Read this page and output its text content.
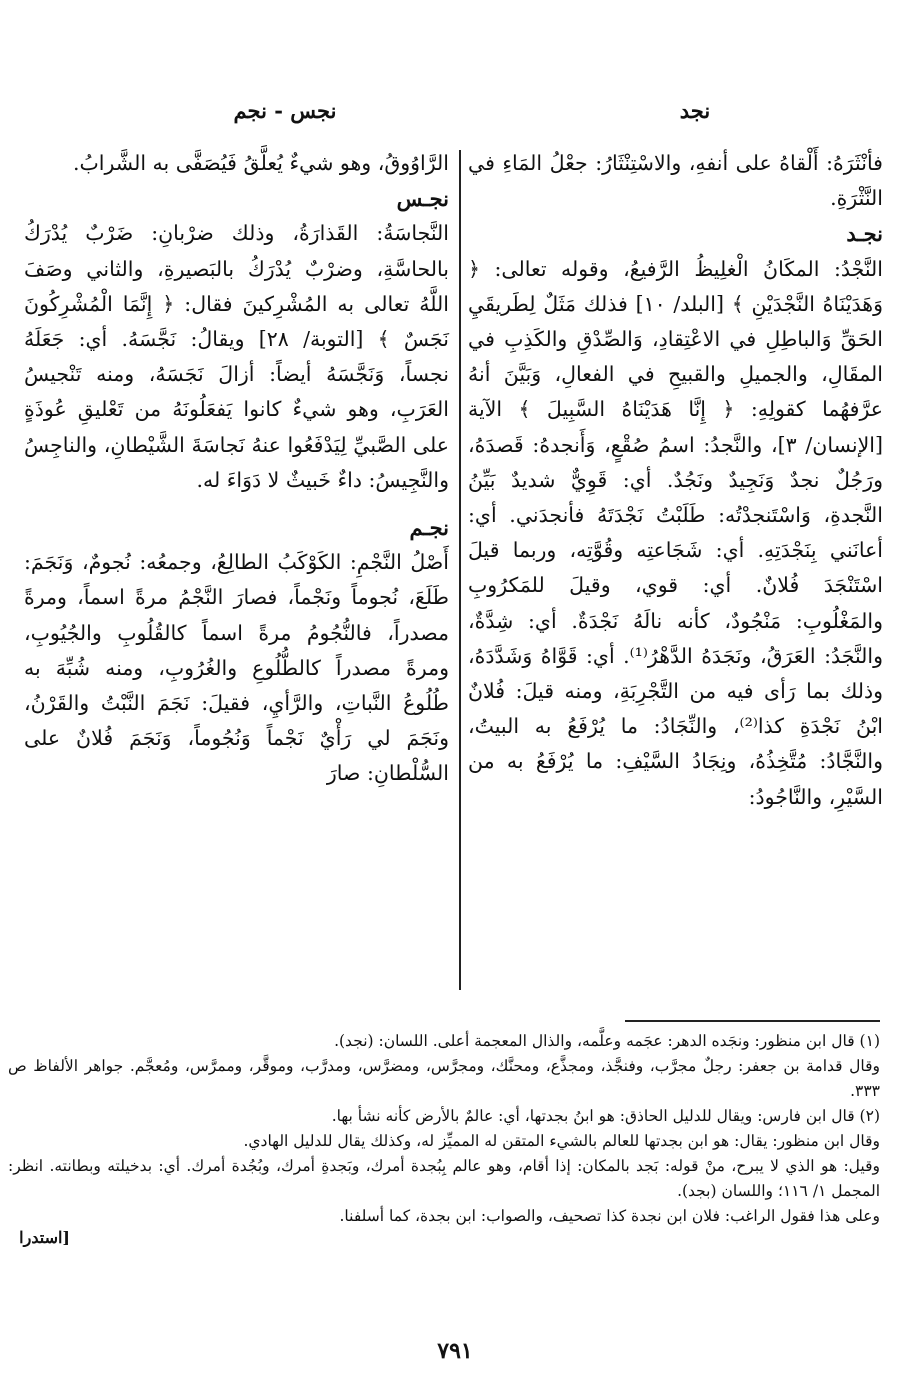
نجد
نجس - نجم

فأنْثَرَهُ: أَلْقاهُ على أنفهِ، والاسْتِنْثَارُ: جعْلُ المَاءِ في النَّثْرَةِ.

نجـد

النَّجْدُ: المكَانُ الْغلِيظُ الرَّفيعُ، وقوله تعالى: ﴿ وَهَدَيْنَاهُ النَّجْدَيْنِ ﴾ [البلد/ ١٠] فذلك مَثَلٌ لِطَريقَيِ الحَقِّ وَالباطِلِ في الاعْتِقادِ، وَالصِّدْقِ والكَذِبِ في المقَالِ، والجميلِ والقبيحِ في الفعالِ، وَبَيَّنَ أنهُ عرَّفهُما كقولِهِ: ﴿ إِنَّا هَدَيْنَاهُ السَّبِيلَ ﴾ الآية [الإنسان/ ٣]، والنَّجدُ: اسمُ صُقْعٍ، وَأَنجدهُ: قَصدَهُ، ورَجُلٌ نجدٌ وَنَجِيدٌ ونَجُدٌ. أي: قَوِيٌّ شديدٌ بَيِّنُ النَّجدةِ، وَاسْتَنجدْتُه: طَلَبْتُ نَجْدَتَهُ فأنجدَني. أي: أعانَني بِنَجْدَتِهِ. أي: شَجَاعتِه وقُوَّتِه، وربما قيلَ اسْتَنْجَدَ فُلانٌ. أي: قوي، وقيلَ للمَكرُوبِ والمَغْلُوبِ: مَنْجُودٌ، كأنه نالَهُ نَجْدَةٌ. أي: شِدَّةٌ، والنَّجَدُ: العَرَقُ، ونَجَدَهُ الدَّهْرُ⁽¹⁾. أي: قَوَّاهُ وَشَدَّدَهُ، وذلك بما رَأى فيه من التَّجْرِبَةِ، ومنه قيلَ: فُلانٌ ابْنُ نَجْدَةِ كذا⁽²⁾، والنِّجَادُ: ما يُرْفَعُ به البيتُ، والنَّجَّادُ: مُتَّخِذُهُ، ونِجَادُ السَّيْفِ: ما يُرْفَعُ به من السَّيْرِ، والنَّاجُودُ:

الرَّاوُوقُ، وهو شيءٌ يُعلَّقُ فَيُصَفَّى به الشَّرابُ.

نجـس

النَّجاسَةُ: القَذارَةُ، وذلك ضرْبانِ: ضَرْبٌ يُدْرَكُ بالحاسَّةِ، وضرْبٌ يُدْرَكُ بالبَصيرةِ، والثاني وصَفَ اللَّهُ تعالى به المُشْرِكينَ فقال: ﴿ إِنَّمَا الْمُشْرِكُونَ نَجَسٌ ﴾ [التوبة/ ٢٨] ويقالُ: نَجَّسَهُ. أي: جَعَلَهُ نجساً، وَنَجَّسَهُ أيضاً: أزالَ نَجَسَهُ، ومنه تَنْجيسُ العَرَبِ، وهو شيءٌ كانوا يَفعَلُونَهُ من تَعْليقِ عُوذَةٍ على الصَّبيِّ لِيَدْفَعُوا عنهُ نَجاسَةَ الشَّيْطانِ، والناجِسُ والنَّجِيسُ: داءٌ خَبيثٌ لا دَوَاءَ له.

نجـم

أَصْلُ النَّجْمِ: الكَوْكَبُ الطالِعُ، وجمعُه: نُجومٌ، وَنَجَمَ: طَلَعَ، نُجوماً ونَجْماً، فصارَ النَّجْمُ مرةً اسماً، ومرةً مصدراً، فالنُّجُومُ مرةً اسماً كالقُلُوبِ والجُيُوبِ، ومرةً مصدراً كالطُّلُوعِ والغُرُوبِ، ومنه شُبِّهَ به طُلُوعُ النَّباتِ، والرَّأيِ، فقيلَ: نَجَمَ النَّبْتُ والقَرْنُ، ونَجَمَ لي رَأْيٌ نَجْماً وَنُجُوماً، وَنَجَمَ فُلانٌ على السُّلْطانِ: صارَ

(١) قال ابن منظور: ونجَده الدهر: عجَمه وعلَّمه، والذال المعجمة أعلى. اللسان: (نجد).

وقال قدامة بن جعفر: رجلٌ مجرَّب، وفنجَّذ، ومجذَّع، ومحنَّك، ومجرَّس، ومضرَّس، ومدرَّب، وموقَّر، وممرَّس، ومُعجَّم. جواهر الألفاظ ص ٣٣٣.

(٢) قال ابن فارس: ويقال للدليل الحاذق: هو ابنُ بجدتها، أي: عالمٌ بالأرض كأنه نشأ بها.

وقال ابن منظور: يقال: هو ابن بجدتها للعالم بالشيء المتقن له المميِّز له، وكذلك يقال للدليل الهادي.

وقيل: هو الذي لا يبرح، منْ قوله: بَجد بالمكان: إذا أقام، وهو عالم بِبُجدة أمرك، وبَجدةِ أمرك، وبُجُدة أمرك. أي: بدخيلته وبطانته. انظر: المجمل ١/ ١١٦؛ واللسان (بجد).

وعلى هذا فقول الراغب: فلان ابن نجدة كذا تصحيف، والصواب: ابن بجدة، كما أسلفنا.

[استدرا
٧٩١
